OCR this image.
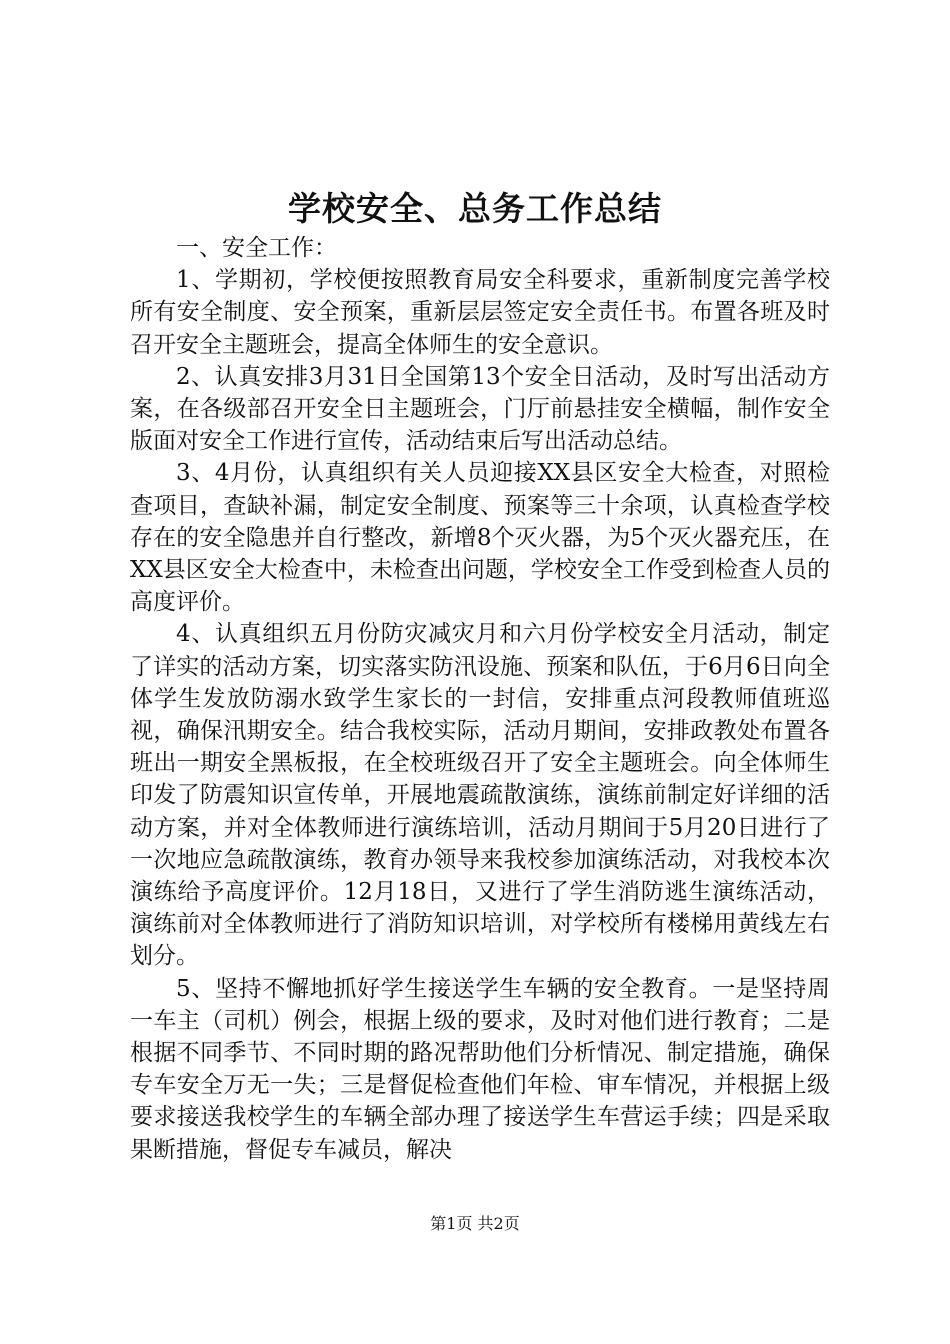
学校安全、总务工作总结

一、安全工作：

1、学期初，学校便按照教育局安全科要求，重新制度完善学校所有安全制度、安全预案，重新层层签定安全责任书。布置各班及时召开安全主题班会，提高全体师生的安全意识。

2、认真安排3月31日全国第13个安全日活动，及时写出活动方案，在各级部召开安全日主题班会，门厅前悬挂安全横幅，制作安全版面对安全工作进行宣传，活动结束后写出活动总结。

3、4月份，认真组织有关人员迎接XX县区安全大检查，对照检查项目，查缺补漏，制定安全制度、预案等三十余项，认真检查学校存在的安全隐患并自行整改，新增8个灭火器，为5个灭火器充压，在XX县区安全大检查中，未检查出问题，学校安全工作受到检查人员的高度评价。

4、认真组织五月份防灾减灾月和六月份学校安全月活动，制定了详实的活动方案，切实落实防汛设施、预案和队伍，于6月6日向全体学生发放防溺水致学生家长的一封信，安排重点河段教师值班巡视，确保汛期安全。结合我校实际，活动月期间，安排政教处布置各班出一期安全黑板报，在全校班级召开了安全主题班会。向全体师生印发了防震知识宣传单，开展地震疏散演练，演练前制定好详细的活动方案，并对全体教师进行演练培训，活动月期间于5月20日进行了一次地应急疏散演练，教育办领导来我校参加演练活动，对我校本次演练给予高度评价。12月18日，又进行了学生消防逃生演练活动，演练前对全体教师进行了消防知识培训，对学校所有楼梯用黄线左右划分。

5、坚持不懈地抓好学生接送学生车辆的安全教育。一是坚持周一车主（司机）例会，根据上级的要求，及时对他们进行教育；二是根据不同季节、不同时期的路况帮助他们分析情况、制定措施，确保专车安全万无一失；三是督促检查他们年检、审车情况，并根据上级要求接送我校学生的车辆全部办理了接送学生车营运手续；四是采取果断措施，督促专车减员，解决

第1页 共2页
